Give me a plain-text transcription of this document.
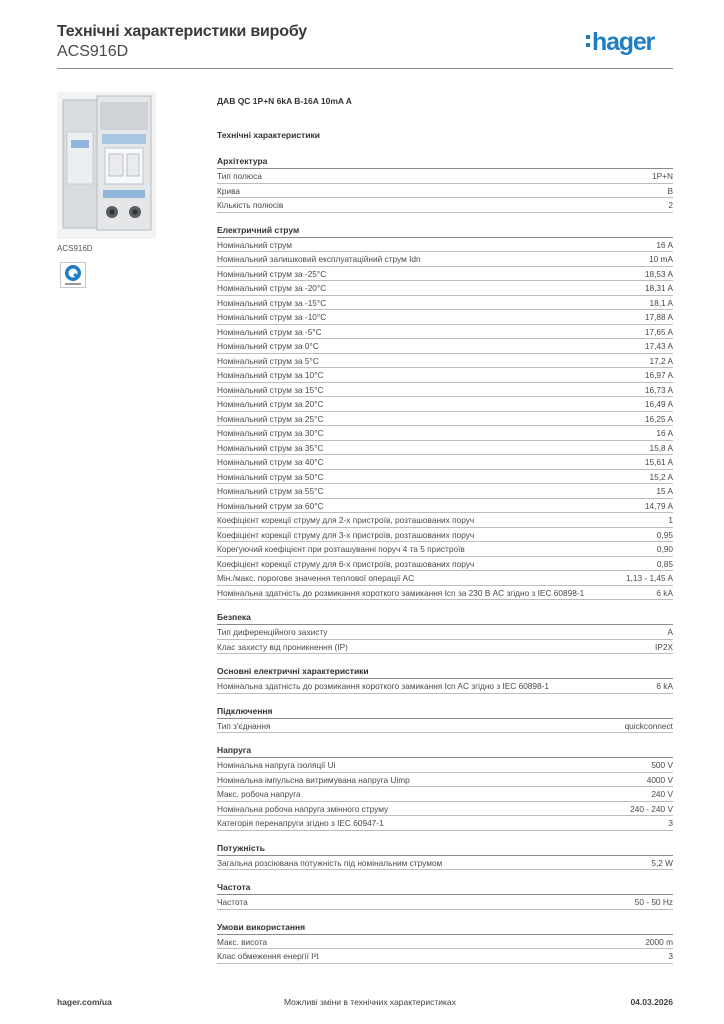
Технічні характеристики виробу
ACS916D	hager
ACS916D
ДАВ QC 1P+N 6kA B-16A 10mA A
Технічні характеристики
Архітектура
Тип полюса	1P+N
Крива	B
Кількість полюсів	2
Електричний струм
Номінальний струм	16 A
Номінальний залишковий експлуатаційний струм Idn	10 mA
Номінальний струм за -25°C	18,53 A
Номінальний струм за -20°C	18,31 A
Номінальний струм за -15°C	18,1 A
Номінальний струм за -10°C	17,88 A
Номінальний струм за -5°C	17,65 A
Номінальний струм за 0°C	17,43 A
Номінальний струм за 5°C	17,2 A
Номінальний струм за 10°C	16,97 A
Номінальний струм за 15°C	16,73 A
Номінальний струм за 20°C	16,49 A
Номінальний струм за 25°C	16,25 A
Номінальний струм за 30°C	16 A
Номінальний струм за 35°C	15,8 A
Номінальний струм за 40°C	15,61 A
Номінальний струм за 50°C	15,2 A
Номінальний струм за 55°C	15 A
Номінальний струм за 60°C	14,79 A
Коефіцієнт корекції струму для 2-х пристроїв, розташованих поруч	1
Коефіцієнт корекції струму для 3-х пристроїв, розташованих поруч	0,95
Корегуючий коефіцієнт при розташуванні поруч 4 та 5 пристроїв	0,90
Коефіцієнт корекції струму для 6-х пристроїв, розташованих поруч	0,85
Мін./макс. порогове значення теплової операції AC	1,13 - 1,45 A
Номінальна здатність до розмикання короткого замикання Icn за 230 В AC згідно з IEC 60898-1	6 kA
Безпека
Тип диференційного захисту	A
Клас захисту від проникнення (IP)	IP2X
Основні електричні характеристики
Номінальна здатність до розмикання короткого замикання Icn AC згідно з IEC 60898-1	6 kA
Підключення
Тип з'єднання	quickconnect
Напруга
Номінальна напруга ізоляції Ui	500 V
Номінальна імпульсна витримувана напруга Uimp	4000 V
Макс. робоча напруга	240 V
Номінальна робоча напруга змінного струму	240 - 240 V
Категорія перенапруги згідно з IEC 60947-1	3
Потужність
Загальна розсіювана потужність під номінальним струмом	5,2 W
Частота
Частота	50 - 50 Hz
Умови використання
Макс. висота	2000 m
Клас обмеження енергії I²t	3
hager.com/ua	Можливі зміни в технічних характеристиках	04.03.2026
